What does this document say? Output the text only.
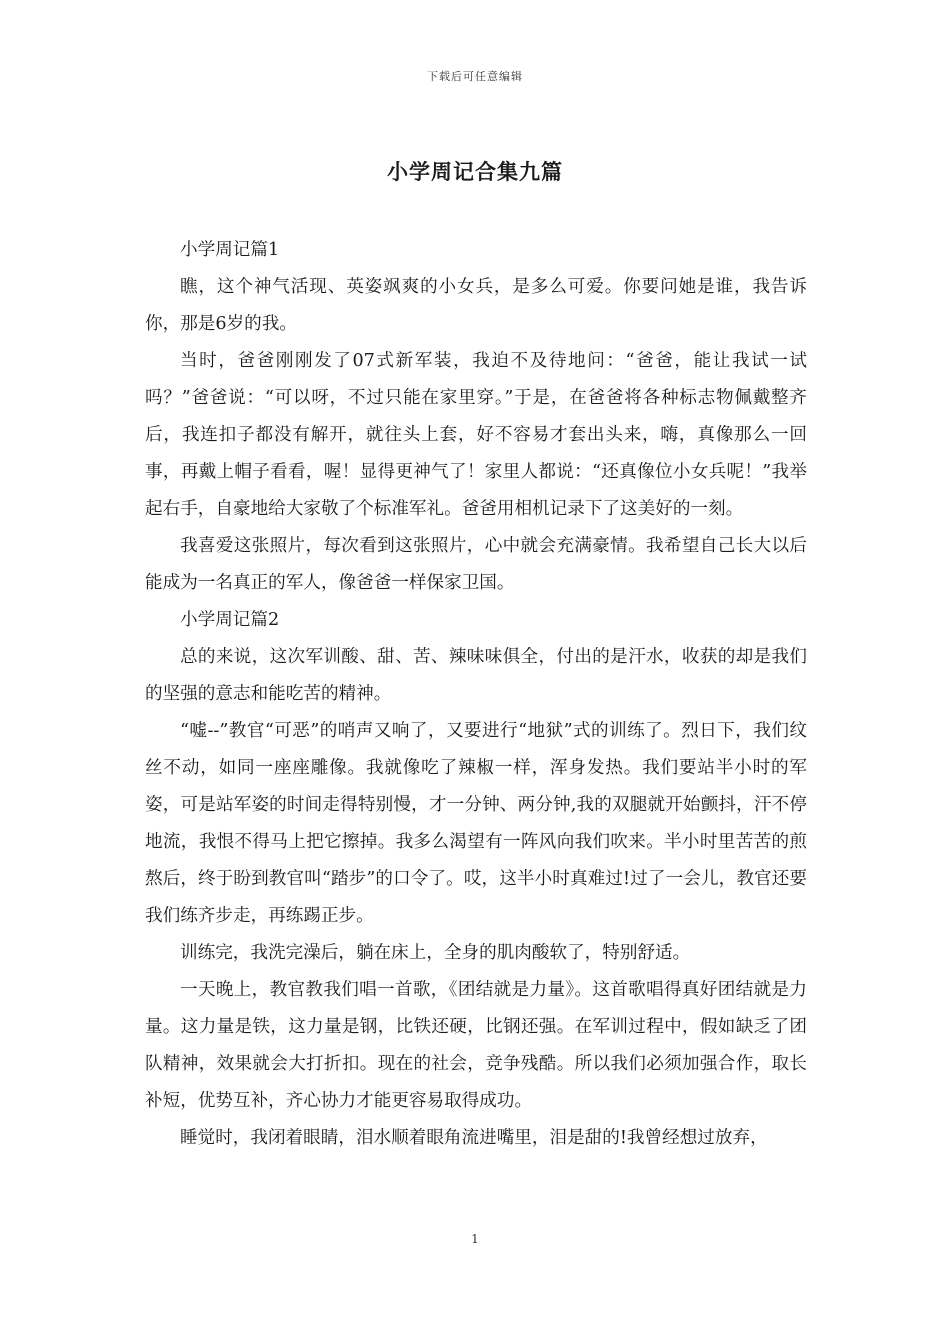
下载后可任意编辑
小学周记合集九篇

小学周记篇1

瞧，这个神气活现、英姿飒爽的小女兵，是多么可爱。你要问她是谁，我告诉你，那是6岁的我。

当时，爸爸刚刚发了07式新军装，我迫不及待地问：“爸爸，能让我试一试吗？”爸爸说：“可以呀，不过只能在家里穿。”于是，在爸爸将各种标志物佩戴整齐后，我连扣子都没有解开，就往头上套，好不容易才套出头来，嗨，真像那么一回事，再戴上帽子看看，喔！显得更神气了！家里人都说：“还真像位小女兵呢！”我举起右手，自豪地给大家敬了个标准军礼。爸爸用相机记录下了这美好的一刻。

我喜爱这张照片，每次看到这张照片，心中就会充满豪情。我希望自己长大以后能成为一名真正的军人，像爸爸一样保家卫国。

小学周记篇2

总的来说，这次军训酸、甜、苦、辣味味俱全，付出的是汗水，收获的却是我们的坚强的意志和能吃苦的精神。

“嘘--”教官“可恶”的哨声又响了，又要进行“地狱”式的训练了。烈日下，我们纹丝不动，如同一座座雕像。我就像吃了辣椒一样，浑身发热。我们要站半小时的军姿，可是站军姿的时间走得特别慢，才一分钟、两分钟,我的双腿就开始颤抖，汗不停地流，我恨不得马上把它擦掉。我多么渴望有一阵风向我们吹来。半小时里苦苦的煎熬后，终于盼到教官叫“踏步”的口令了。哎，这半小时真难过!过了一会儿，教官还要我们练齐步走，再练踢正步。

训练完，我洗完澡后，躺在床上，全身的肌肉酸软了，特别舒适。

一天晚上，教官教我们唱一首歌，《团结就是力量》。这首歌唱得真好团结就是力量。这力量是铁，这力量是钢，比铁还硬，比钢还强。在军训过程中，假如缺乏了团队精神，效果就会大打折扣。现在的社会，竞争残酷。所以我们必须加强合作，取长补短，优势互补，齐心协力才能更容易取得成功。

睡觉时，我闭着眼睛，泪水顺着眼角流进嘴里，泪是甜的!我曾经想过放弃，

1
